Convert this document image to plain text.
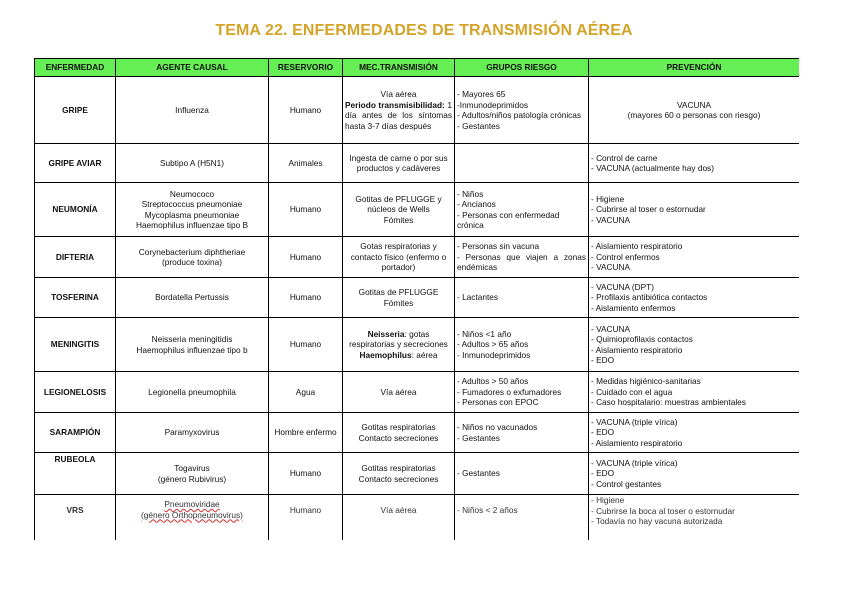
TEMA 22. ENFERMEDADES DE TRANSMISIÓN AÉREA
ENFERMEDAD	AGENTE CAUSAL	RESERVORIO	MEC.TRANSMISIÓN	GRUPOS RIESGO	PREVENCIÓN
GRIPE	Influenza	Humano	Vía aérea
Periodo transmisibilidad: 1 día antes de los síntomas hasta 3-7 días después	- Mayores 65
-Inmunodeprimidos
- Adultos/niños patología crónicas
- Gestantes	VACUNA
(mayores 60 o personas con riesgo)

GRIPE AVIAR	Subtipo A (H5N1)	Animales	Ingesta de carne o por sus productos y cadáveres		- Control de carne
- VACUNA (actualmente hay dos)

NEUMONÍA	Neumococo
Streptococcus pneumoniae
Mycoplasma pneumoniae
Haemophilus influenzae tipo B	Humano	Gotitas de PFLUGGE y núcleos de Wells
Fómites	- Niños
- Ancianos
- Personas con enfermedad crónica	- Higiene
- Cubrirse al toser o estornudar
- VACUNA

DIFTERIA	Corynebacterium diphtheriae
(produce toxina)	Humano	Gotas respiratorias y contacto físico (enfermo o portador)	- Personas sin vacuna
- Personas que viajen a zonas endémicas	- Aislamiento respiratorio
- Control enfermos
- VACUNA

TOSFERINA	Bordatella Pertussis	Humano	Gotitas de PFLUGGE
Fómites	- Lactantes	- VACUNA (DPT)
- Profilaxis antibiótica contactos
- Aislamiento enfermos

MENINGITIS	Neisseria meningitidis
Haemophilus influenzae tipo b	Humano	Neisseria: gotas respiratorias y secreciones
Haemophilus: aérea	- Niños <1 año
- Adultos > 65 años
- Inmunodeprimidos	- VACUNA
- Quimioprofilaxis contactos
- Aislamiento respiratorio
- EDO

LEGIONELOSIS	Legionella pneumophila	Agua	Vía aérea	- Adultos > 50 años
- Fumadores o exfumadores
- Personas con EPOC	- Medidas higiénico-sanitarias
- Cuidado con el agua
- Caso hospitalario: muestras ambientales

SARAMPIÓN	Paramyxovirus	Hombre enfermo	Gotitas respiratorias
Contacto secreciones	- Niños no vacunados
- Gestantes	- VACUNA (triple vírica)
- EDO
- Aislamiento respiratorio

RUBEOLA	Togavirus
(género Rubivirus)	Humano	Gotitas respiratorias
Contacto secreciones	- Gestantes	- VACUNA (triple vírica)
- EDO
- Control gestantes

VRS	Pneumoviridae
(género Orthopneumovirus)	Humano	Vía aérea	- Niños < 2 años	- Higiene
- Cubrirse la boca al toser o estornudar
- Todavía no hay vacuna autorizada
